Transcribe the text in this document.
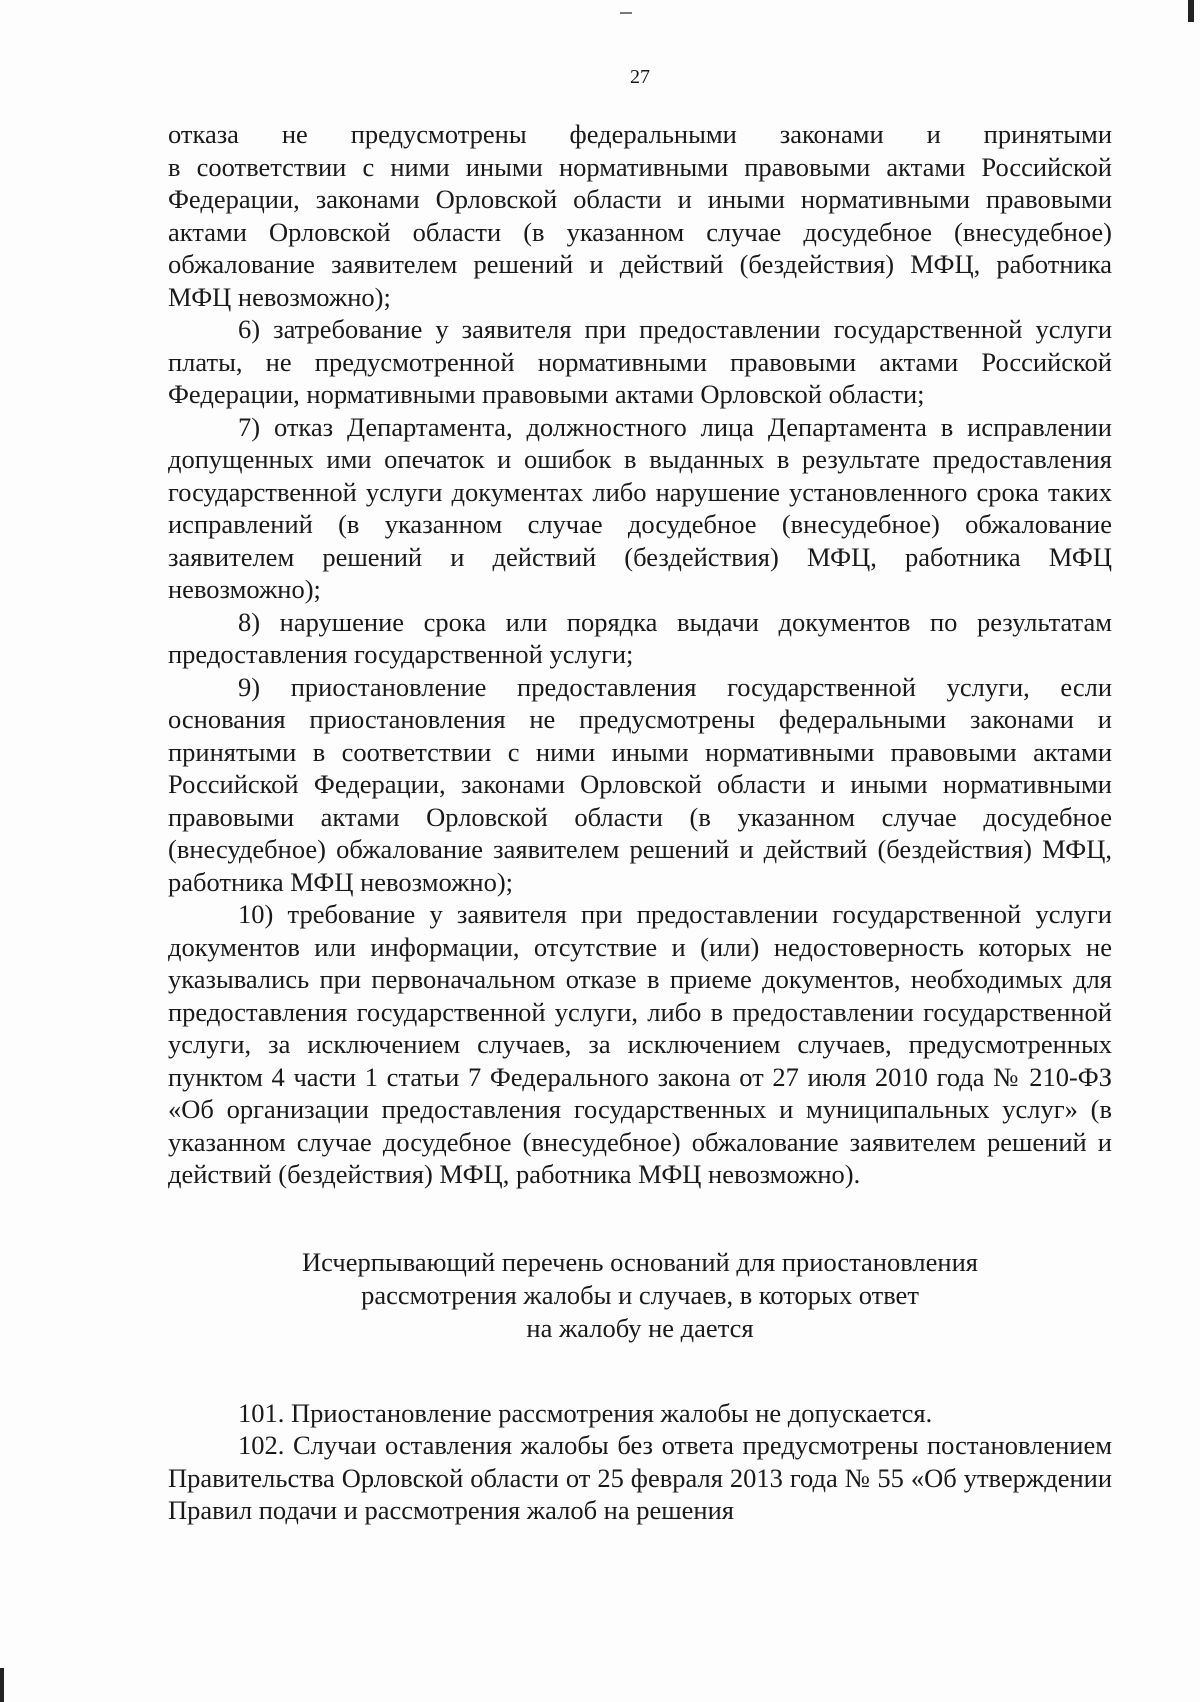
27

отказа не предусмотрены федеральными законами и принятыми
в соответствии с ними иными нормативными правовыми актами Российской Федерации, законами Орловской области и иными нормативными правовыми актами Орловской области (в указанном случае досудебное (внесудебное) обжалование заявителем решений и действий (бездействия) МФЦ, работника МФЦ невозможно);

6) затребование у заявителя при предоставлении государственной услуги платы, не предусмотренной нормативными правовыми актами Российской Федерации, нормативными правовыми актами Орловской области;

7) отказ Департамента, должностного лица Департамента в исправлении допущенных ими опечаток и ошибок в выданных в результате предоставления государственной услуги документах либо нарушение установленного срока таких исправлений (в указанном случае досудебное (внесудебное) обжалование заявителем решений и действий (бездействия) МФЦ, работника МФЦ невозможно);

8) нарушение срока или порядка выдачи документов по результатам предоставления государственной услуги;

9) приостановление предоставления государственной услуги, если основания приостановления не предусмотрены федеральными законами и принятыми в соответствии с ними иными нормативными правовыми актами Российской Федерации, законами Орловской области и иными нормативными правовыми актами Орловской области (в указанном случае досудебное (внесудебное) обжалование заявителем решений и действий (бездействия) МФЦ, работника МФЦ невозможно);

10) требование у заявителя при предоставлении государственной услуги документов или информации, отсутствие и (или) недостоверность которых не указывались при первоначальном отказе в приеме документов, необходимых для предоставления государственной услуги, либо в предоставлении государственной услуги, за исключением случаев, за исключением случаев, предусмотренных пунктом 4 части 1 статьи 7 Федерального закона от 27 июля 2010 года № 210-ФЗ «Об организации предоставления государственных и муниципальных услуг» (в указанном случае досудебное (внесудебное) обжалование заявителем решений и действий (бездействия) МФЦ, работника МФЦ невозможно).

Исчерпывающий перечень оснований для приостановления
рассмотрения жалобы и случаев, в которых ответ
на жалобу не дается

101. Приостановление рассмотрения жалобы не допускается.

102. Случаи оставления жалобы без ответа предусмотрены постановлением Правительства Орловской области от 25 февраля 2013 года № 55 «Об утверждении Правил подачи и рассмотрения жалоб на решения
